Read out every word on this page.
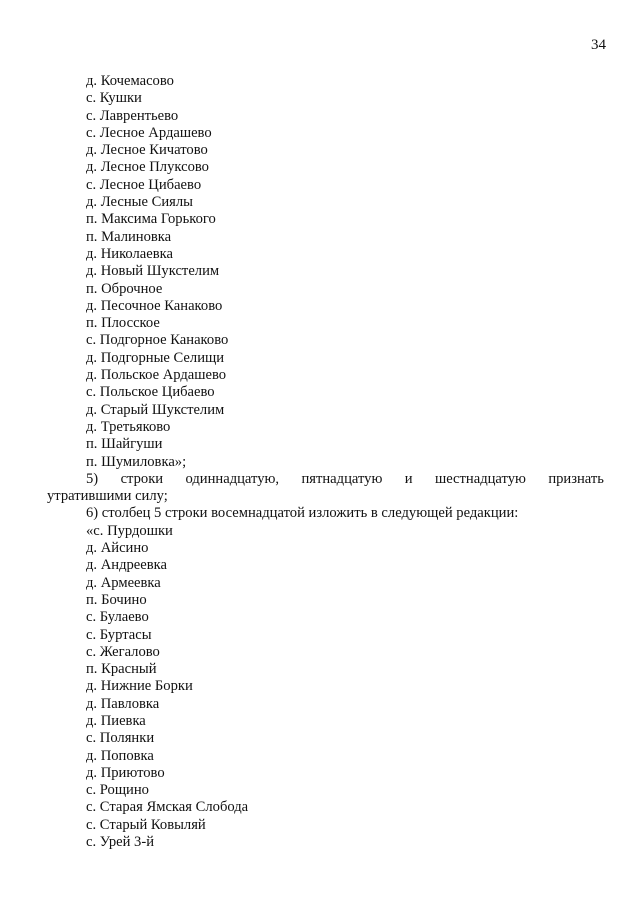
34
д. Кочемасово
с. Кушки
с. Лаврентьево
с. Лесное Ардашево
д. Лесное Кичатово
д. Лесное Плуксово
с. Лесное Цибаево
д. Лесные Сиялы
п. Максима Горького
п. Малиновка
д. Николаевка
д. Новый Шукстелим
п. Оброчное
д. Песочное Канаково
п. Плосское
с. Подгорное Канаково
д. Подгорные Селищи
д. Польское Ардашево
с. Польское Цибаево
д. Старый Шукстелим
д. Третьяково
п. Шайгуши
п. Шумиловка»;
5) строки одиннадцатую, пятнадцатую и шестнадцатую признать
утратившими силу;
6) столбец 5 строки восемнадцатой изложить в следующей редакции:
«с. Пурдошки
д. Айсино
д. Андреевка
д. Армеевка
п. Бочино
с. Булаево
с. Буртасы
с. Жегалово
п. Красный
д. Нижние Борки
д. Павловка
д. Пиевка
с. Полянки
д. Поповка
д. Приютово
с. Рощино
с. Старая Ямская Слобода
с. Старый Ковыляй
с. Урей 3-й
